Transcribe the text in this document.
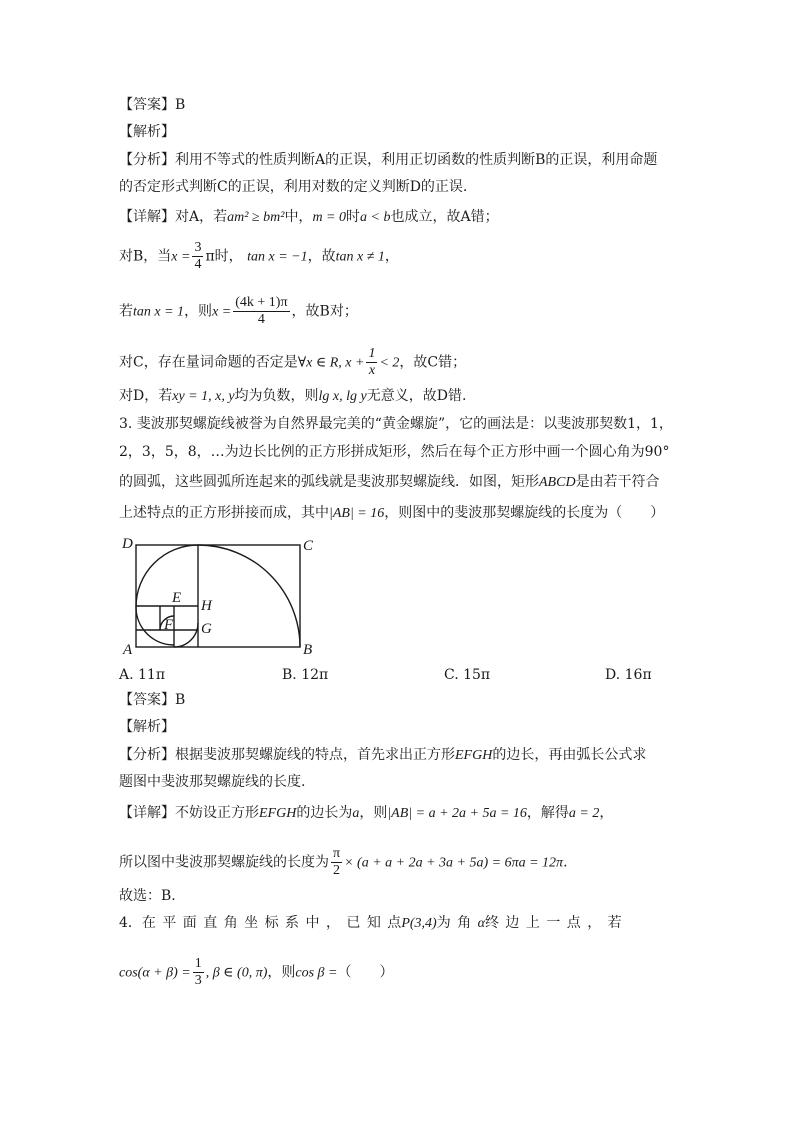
【答案】B
【解析】
【分析】利用不等式的性质判断A的正误，利用正切函数的性质判断B的正误，利用命题
的否定形式判断C的正误，利用对数的定义判断D的正误.
【详解】对A，若am² ≥ bm²中，m = 0时a < b也成立，故A错；
对B，当$x = \frac{3}{4}$ π时， tan x = −1，故tan x ≠ 1，
若tan x = 1，则$x = \frac{(4k + 1)\pi}{4}$ ，故B对；
对C，存在量词命题的否定是∀x ∈ R, $x + \frac{1}{x} < 2$，故C错；
对D，若xy = 1, x, y均为负数，则lg x, lg y无意义，故D错.
3. 斐波那契螺旋线被誉为自然界最完美的“黄金螺旋”，它的画法是：以斐波那契数1，1，
2，3，5，8，…为边长比例的正方形拼成矩形，然后在每个正方形中画一个圆心角为90°
的圆弧，这些圆弧所连起来的弧线就是斐波那契螺旋线．如图，矩形ABCD是由若干符合
上述特点的正方形拼接而成，其中|AB| = 16，则图中的斐波那契螺旋线的长度为（　　）
D	C
A	B
E H
F G
A. 11π	B. 12π	C. 15π	D. 16π
【答案】B
【解析】
【分析】根据斐波那契螺旋线的特点，首先求出正方形EFGH的边长，再由弧长公式求
题图中斐波那契螺旋线的长度.
【详解】不妨设正方形EFGH的边长为a，则|AB| = a + 2a + 5a = 16，解得a = 2，
所以图中斐波那契螺旋线的长度为 $\frac{\pi}{2} \times (a + a + 2a + 3a + 5a) = 6\pi a = 12\pi$.
故选：B.
4．在 平 面 直 角 坐 标 系 中 ， 已 知 点P(3,4)为 角 α终 边 上 一 点 ， 若
$\cos(\alpha + \beta) = \frac{1}{3}$ , β ∈ (0, π)，则cos β =（　　）
